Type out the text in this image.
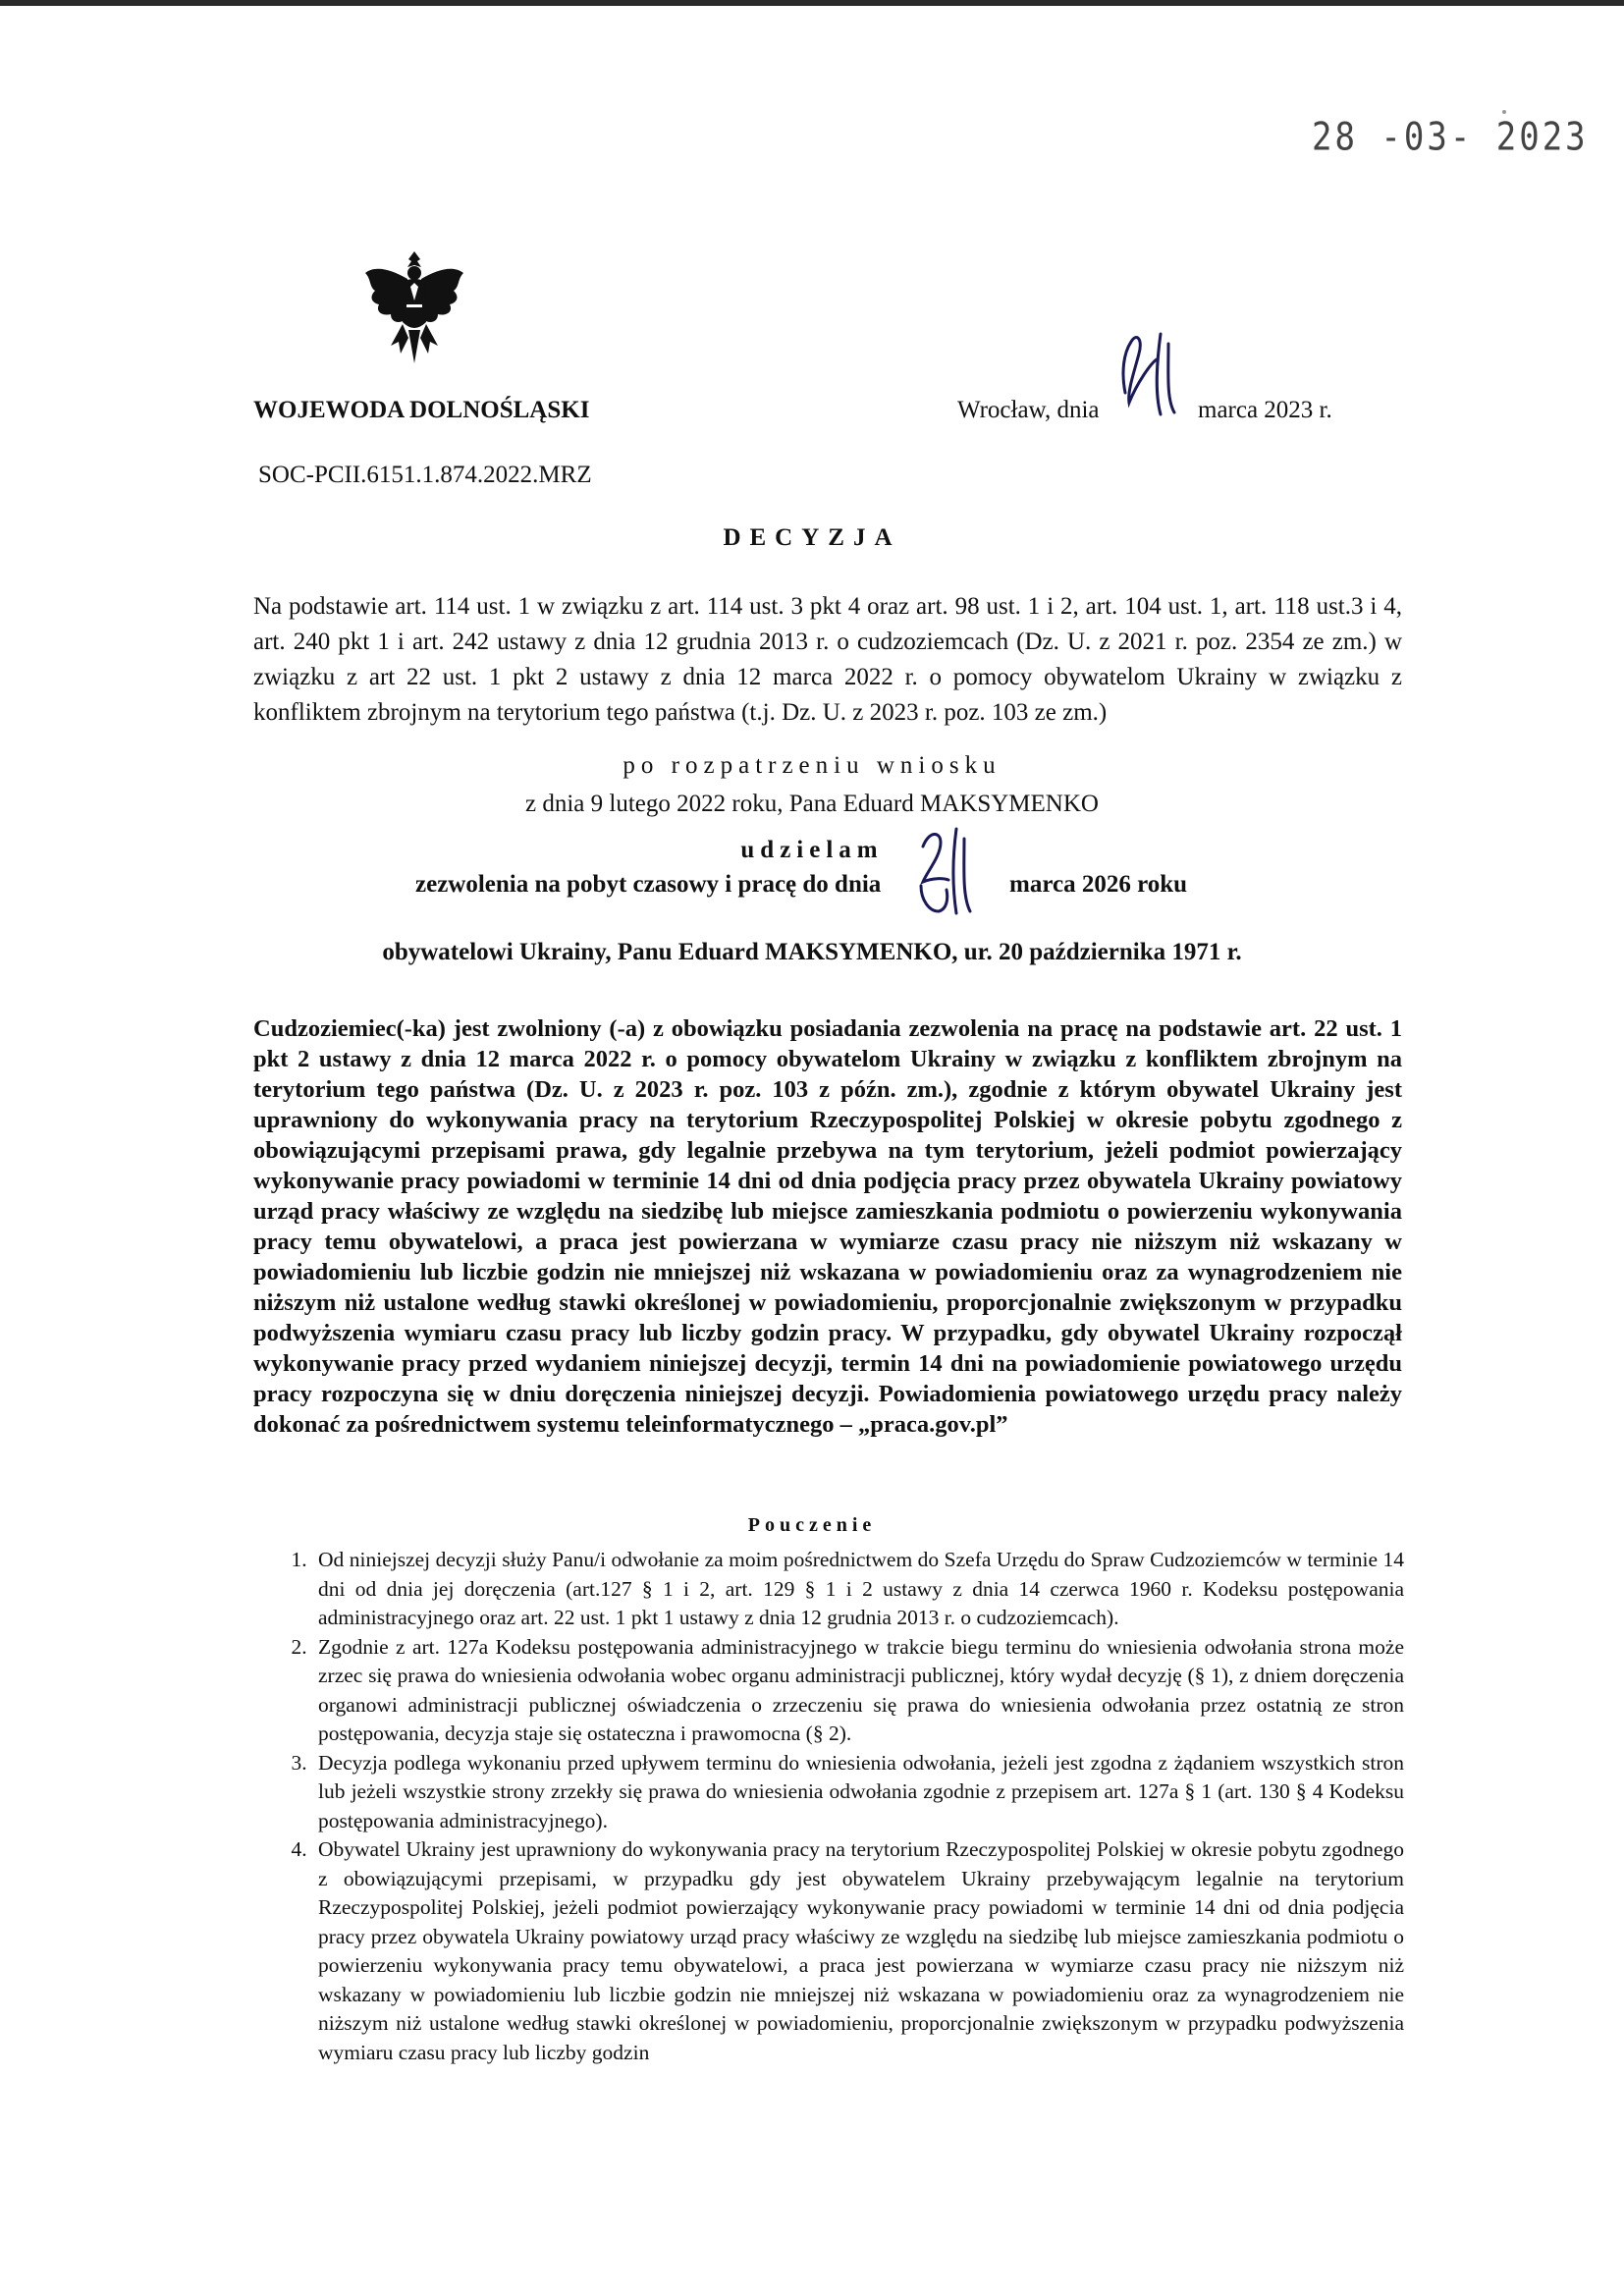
28 -03- 2023
WOJEWODA DOLNOŚLĄSKI	Wrocław, dnia	marca 2023 r.
SOC-PCII.6151.1.874.2022.MRZ
DECYZJA
Na podstawie art. 114 ust. 1 w związku z art. 114 ust. 3 pkt 4 oraz art. 98 ust. 1 i 2, art. 104 ust. 1, art. 118 ust.3 i 4, art. 240 pkt 1 i art. 242 ustawy z dnia 12 grudnia 2013 r. o cudzoziemcach (Dz. U. z 2021 r. poz. 2354 ze zm.) w związku z art 22 ust. 1 pkt 2 ustawy z dnia 12 marca 2022 r. o pomocy obywatelom Ukrainy w związku z konfliktem zbrojnym na terytorium tego państwa (t.j. Dz. U. z 2023 r. poz. 103 ze zm.)
po rozpatrzeniu wniosku
z dnia 9 lutego 2022 roku, Pana Eduard MAKSYMENKO
udzielam
zezwolenia na pobyt czasowy i pracę do dnia	marca 2026 roku
obywatelowi Ukrainy, Panu Eduard MAKSYMENKO, ur. 20 października 1971 r.
Cudzoziemiec(-ka) jest zwolniony (-a) z obowiązku posiadania zezwolenia na pracę na podstawie art. 22 ust. 1 pkt 2 ustawy z dnia 12 marca 2022 r. o pomocy obywatelom Ukrainy w związku z konfliktem zbrojnym na terytorium tego państwa (Dz. U. z 2023 r. poz. 103 z późn. zm.), zgodnie z którym obywatel Ukrainy jest uprawniony do wykonywania pracy na terytorium Rzeczypospolitej Polskiej w okresie pobytu zgodnego z obowiązującymi przepisami prawa, gdy legalnie przebywa na tym terytorium, jeżeli podmiot powierzający wykonywanie pracy powiadomi w terminie 14 dni od dnia podjęcia pracy przez obywatela Ukrainy powiatowy urząd pracy właściwy ze względu na siedzibę lub miejsce zamieszkania podmiotu o powierzeniu wykonywania pracy temu obywatelowi, a praca jest powierzana w wymiarze czasu pracy nie niższym niż wskazany w powiadomieniu lub liczbie godzin nie mniejszej niż wskazana w powiadomieniu oraz za wynagrodzeniem nie niższym niż ustalone według stawki określonej w powiadomieniu, proporcjonalnie zwiększonym w przypadku podwyższenia wymiaru czasu pracy lub liczby godzin pracy. W przypadku, gdy obywatel Ukrainy rozpoczął wykonywanie pracy przed wydaniem niniejszej decyzji, termin 14 dni na powiadomienie powiatowego urzędu pracy rozpoczyna się w dniu doręczenia niniejszej decyzji. Powiadomienia powiatowego urzędu pracy należy dokonać za pośrednictwem systemu teleinformatycznego – „praca.gov.pl”
Pouczenie
1. Od niniejszej decyzji służy Panu/i odwołanie za moim pośrednictwem do Szefa Urzędu do Spraw Cudzoziemców w terminie 14 dni od dnia jej doręczenia (art.127 § 1 i 2, art. 129 § 1 i 2 ustawy z dnia 14 czerwca 1960 r. Kodeksu postępowania administracyjnego oraz art. 22 ust. 1 pkt 1 ustawy z dnia 12 grudnia 2013 r. o cudzoziemcach).
2. Zgodnie z art. 127a Kodeksu postępowania administracyjnego w trakcie biegu terminu do wniesienia odwołania strona może zrzec się prawa do wniesienia odwołania wobec organu administracji publicznej, który wydał decyzję (§ 1), z dniem doręczenia organowi administracji publicznej oświadczenia o zrzeczeniu się prawa do wniesienia odwołania przez ostatnią ze stron postępowania, decyzja staje się ostateczna i prawomocna (§ 2).
3. Decyzja podlega wykonaniu przed upływem terminu do wniesienia odwołania, jeżeli jest zgodna z żądaniem wszystkich stron lub jeżeli wszystkie strony zrzekły się prawa do wniesienia odwołania zgodnie z przepisem art. 127a § 1 (art. 130 § 4 Kodeksu postępowania administracyjnego).
4. Obywatel Ukrainy jest uprawniony do wykonywania pracy na terytorium Rzeczypospolitej Polskiej w okresie pobytu zgodnego z obowiązującymi przepisami, w przypadku gdy jest obywatelem Ukrainy przebywającym legalnie na terytorium Rzeczypospolitej Polskiej, jeżeli podmiot powierzający wykonywanie pracy powiadomi w terminie 14 dni od dnia podjęcia pracy przez obywatela Ukrainy powiatowy urząd pracy właściwy ze względu na siedzibę lub miejsce zamieszkania podmiotu o powierzeniu wykonywania pracy temu obywatelowi, a praca jest powierzana w wymiarze czasu pracy nie niższym niż wskazany w powiadomieniu lub liczbie godzin nie mniejszej niż wskazana w powiadomieniu oraz za wynagrodzeniem nie niższym niż ustalone według stawki określonej w powiadomieniu, proporcjonalnie zwiększonym w przypadku podwyższenia wymiaru czasu pracy lub liczby godzin
